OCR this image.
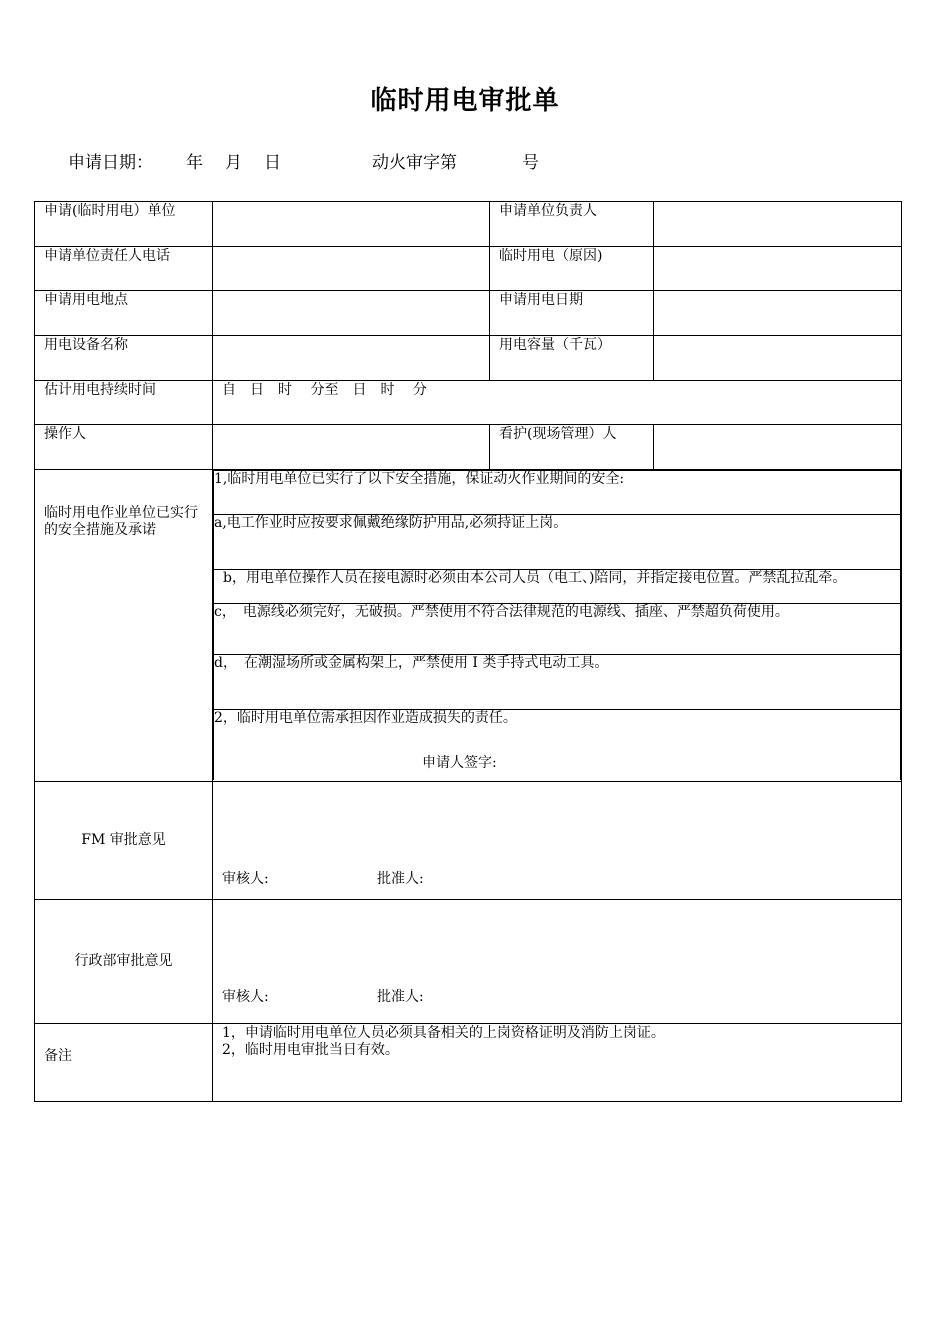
临时用电审批单
申请日期： 年 月 日	动火审字第	号
申请(临时用电）单位		申请单位负责人

申请单位责任人电话		临时用电（原因)

申请用电地点		申请用电日期

用电设备名称		用电容量（千瓦）

估计用电持续时间	自　日　时　 分至　日　时　 分

操作人		看护(现场管理）人

临时用电作业单位已实行的安全措施及承诺

1,临时用电单位已实行了以下安全措施，保证动火作业期间的安全:
a,电工作业时应按要求佩戴绝缘防护用品,必须持证上岗。

b，用电单位操作人员在接电源时必须由本公司人员（电工、)陪同，并指定接电位置。严禁乱拉乱牵。

c，　电源线必须完好，无破损。严禁使用不符合法律规范的电源线、插座、严禁超负荷使用。
d，　在潮湿场所或金属构架上，严禁使用 I 类手持式电动工具。

2，临时用电单位需承担因作业造成损失的责任。
申请人签字:

FM 审批意见

审核人:	批准人:

行政部审批意见

审核人:	批准人:

备注

1，申请临时用电单位人员必须具备相关的上岗资格证明及消防上岗证。
2，临时用电审批当日有效。
